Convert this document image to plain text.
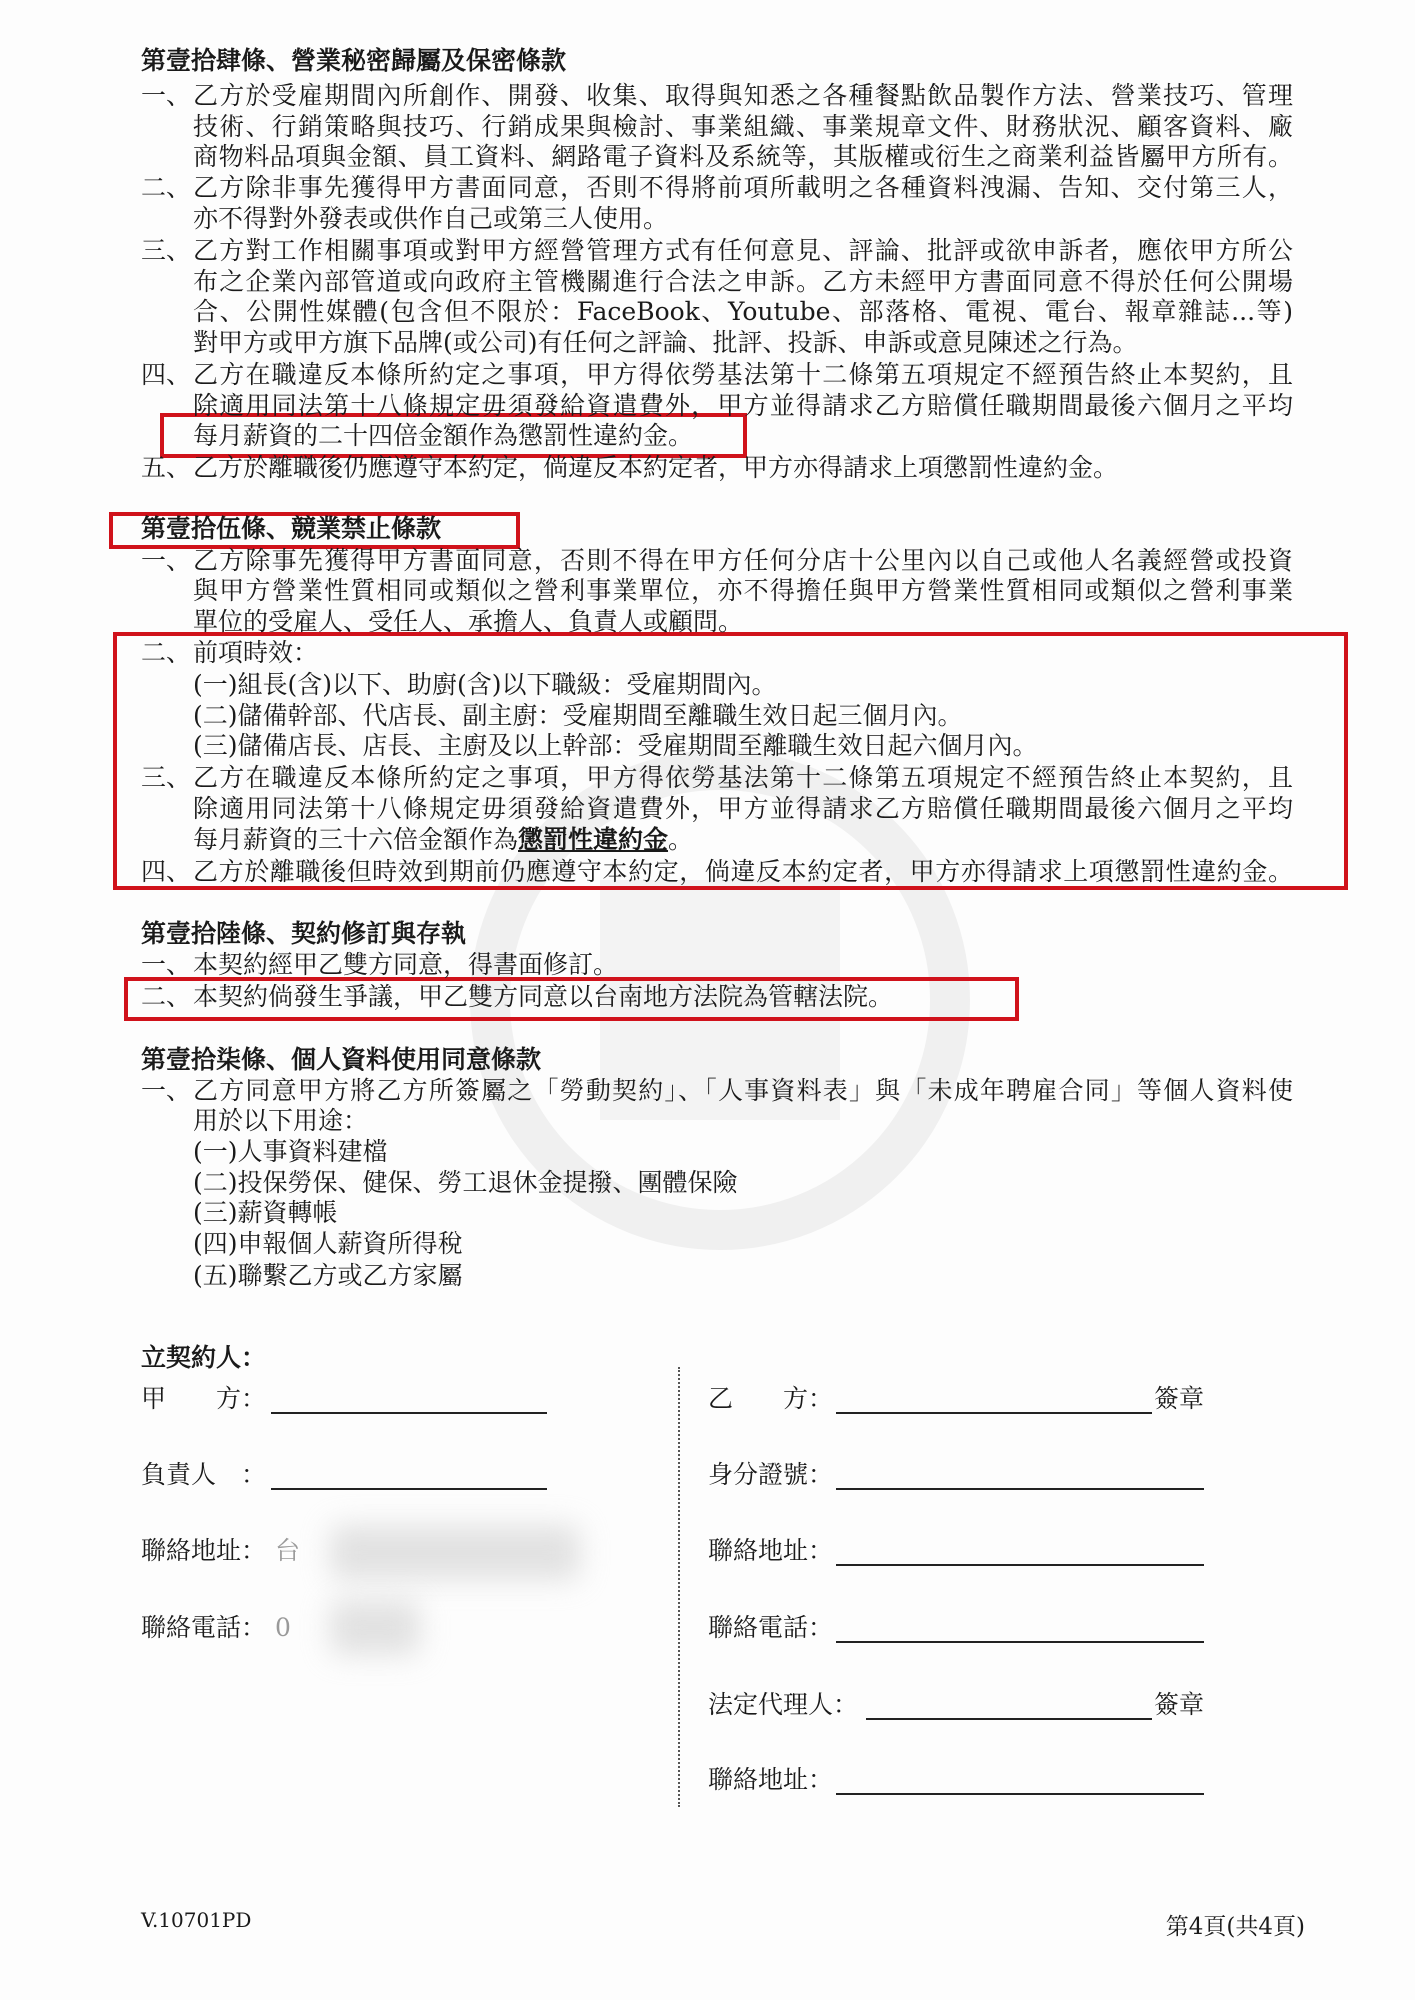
第壹拾肆條、營業秘密歸屬及保密條款
一、 乙方於受雇期間內所創作、開發、收集、取得與知悉之各種餐點飲品製作方法、營業技巧、管理
技術、行銷策略與技巧、行銷成果與檢討、事業組織、事業規章文件、財務狀況、顧客資料、廠
商物料品項與金額、員工資料、網路電子資料及系統等，其版權或衍生之商業利益皆屬甲方所有。
二、 乙方除非事先獲得甲方書面同意，否則不得將前項所載明之各種資料洩漏、告知、交付第三人，
亦不得對外發表或供作自己或第三人使用。
三、 乙方對工作相關事項或對甲方經營管理方式有任何意見、評論、批評或欲申訴者，應依甲方所公
布之企業內部管道或向政府主管機關進行合法之申訴。乙方未經甲方書面同意不得於任何公開場
合、公開性媒體(包含但不限於：FaceBook、Youtube、部落格、電視、電台、報章雜誌...等)
對甲方或甲方旗下品牌(或公司)有任何之評論、批評、投訴、申訴或意見陳述之行為。
四、 乙方在職違反本條所約定之事項，甲方得依勞基法第十二條第五項規定不經預告終止本契約，且
除適用同法第十八條規定毋須發給資遣費外，甲方並得請求乙方賠償任職期間最後六個月之平均
每月薪資的二十四倍金額作為懲罰性違約金。
五、 乙方於離職後仍應遵守本約定，倘違反本約定者，甲方亦得請求上項懲罰性違約金。
第壹拾伍條、競業禁止條款
一、 乙方除事先獲得甲方書面同意，否則不得在甲方任何分店十公里內以自己或他人名義經營或投資
與甲方營業性質相同或類似之營利事業單位，亦不得擔任與甲方營業性質相同或類似之營利事業
單位的受雇人、受任人、承擔人、負責人或顧問。
二、 前項時效：
(一)組長(含)以下、助廚(含)以下職級：受雇期間內。
(二)儲備幹部、代店長、副主廚：受雇期間至離職生效日起三個月內。
(三)儲備店長、店長、主廚及以上幹部：受雇期間至離職生效日起六個月內。
三、 乙方在職違反本條所約定之事項，甲方得依勞基法第十二條第五項規定不經預告終止本契約，且
除適用同法第十八條規定毋須發給資遣費外，甲方並得請求乙方賠償任職期間最後六個月之平均
每月薪資的三十六倍金額作為懲罰性違約金。
四、 乙方於離職後但時效到期前仍應遵守本約定，倘違反本約定者，甲方亦得請求上項懲罰性違約金。
第壹拾陸條、契約修訂與存執
一、 本契約經甲乙雙方同意，得書面修訂。
二、 本契約倘發生爭議，甲乙雙方同意以台南地方法院為管轄法院。
第壹拾柒條、個人資料使用同意條款
一、 乙方同意甲方將乙方所簽屬之「勞動契約」、「人事資料表」與「未成年聘雇合同」等個人資料使
用於以下用途：
(一)人事資料建檔
(二)投保勞保、健保、勞工退休金提撥、團體保險
(三)薪資轉帳
(四)申報個人薪資所得稅
(五)聯繫乙方或乙方家屬
立契約人：
甲　　方：
負責人　：
聯絡地址： 台
聯絡電話： 0
乙　　方：	簽章
身分證號：
聯絡地址：
聯絡電話：
法定代理人：	簽章
聯絡地址：
V.10701PD	第4頁(共4頁)
